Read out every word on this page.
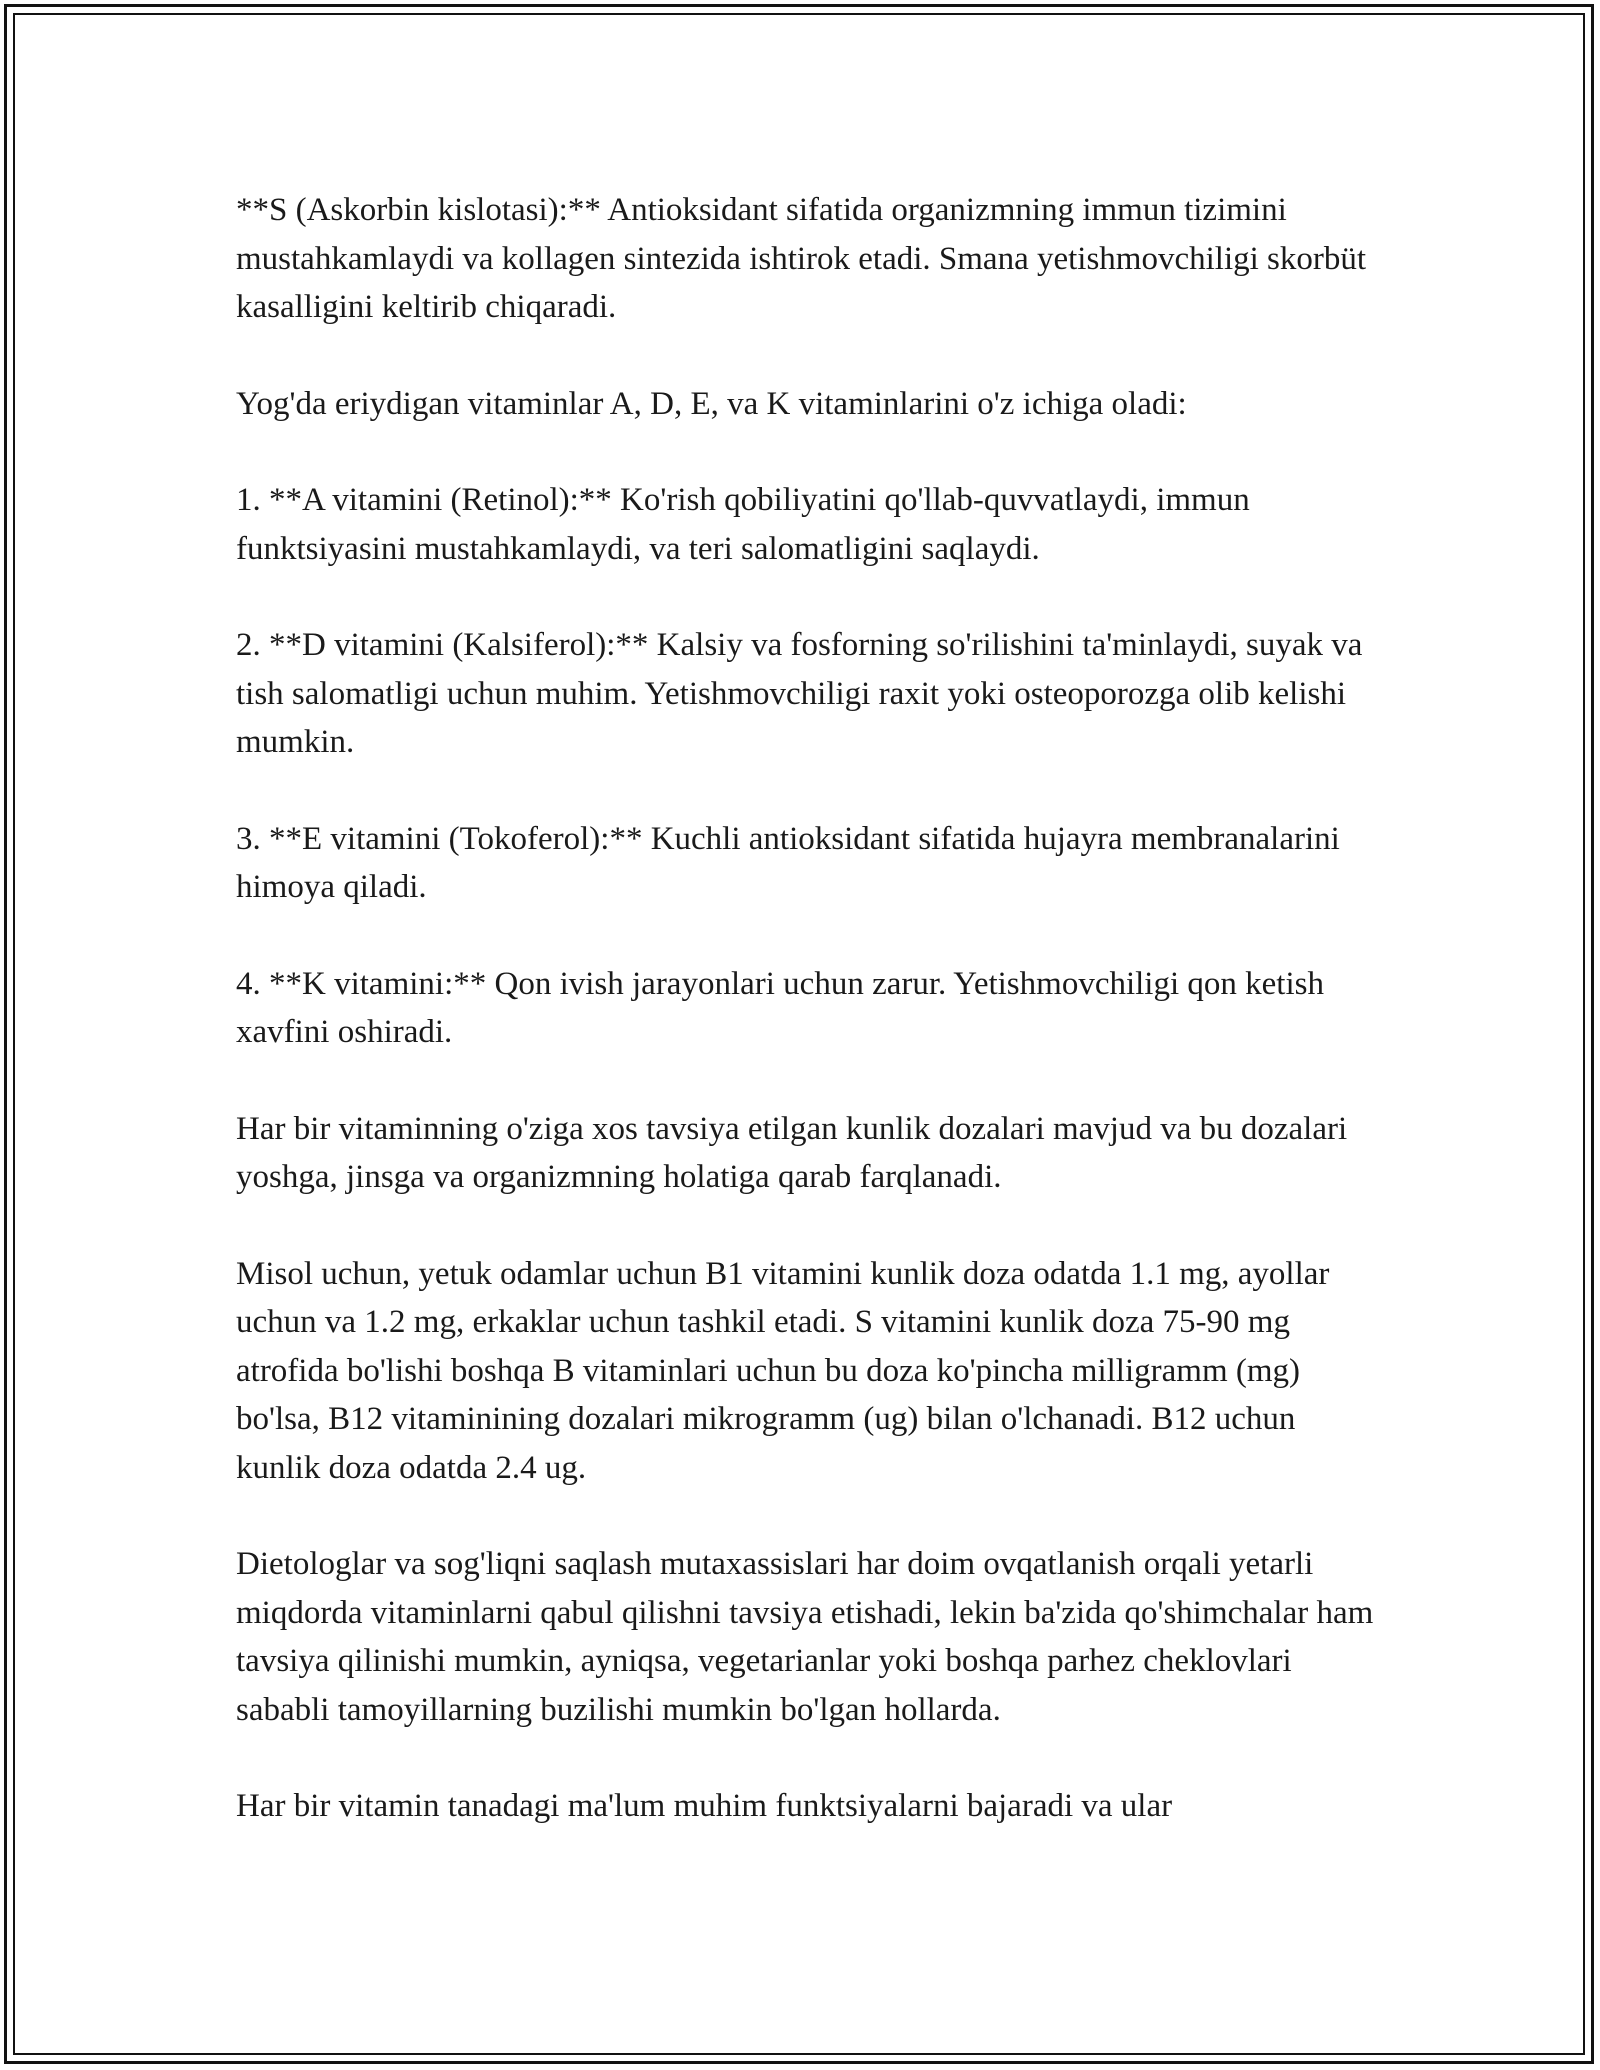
**S (Askorbin kislotasi):** Antioksidant sifatida organizmning immun tizimini mustahkamlaydi va kollagen sintezida ishtirok etadi. Smana yetishmovchiligi skorbüt kasalligini keltirib chiqaradi.

Yog'da eriydigan vitaminlar A, D, E, va K vitaminlarini o'z ichiga oladi:

1. **A vitamini (Retinol):** Ko'rish qobiliyatini qo'llab-quvvatlaydi, immun funktsiyasini mustahkamlaydi, va teri salomatligini saqlaydi.

2. **D vitamini (Kalsiferol):** Kalsiy va fosforning so'rilishini ta'minlaydi, suyak va tish salomatligi uchun muhim. Yetishmovchiligi raxit yoki osteoporozga olib kelishi mumkin.

3. **E vitamini (Tokoferol):** Kuchli antioksidant sifatida hujayra membranalarini himoya qiladi.

4. **K vitamini:** Qon ivish jarayonlari uchun zarur. Yetishmovchiligi qon ketish xavfini oshiradi.

Har bir vitaminning o'ziga xos tavsiya etilgan kunlik dozalari mavjud va bu dozalari yoshga, jinsga va organizmning holatiga qarab farqlanadi.

Misol uchun, yetuk odamlar uchun B1 vitamini kunlik doza odatda 1.1 mg, ayollar uchun va 1.2 mg, erkaklar uchun tashkil etadi. S vitamini kunlik doza 75-90 mg atrofida bo'lishi boshqa B vitaminlari uchun bu doza ko'pincha milligramm (mg) bo'lsa, B12 vitaminining dozalari mikrogramm (ug) bilan o'lchanadi. B12 uchun kunlik doza odatda 2.4 ug.

Dietologlar va sog'liqni saqlash mutaxassislari har doim ovqatlanish orqali yetarli miqdorda vitaminlarni qabul qilishni tavsiya etishadi, lekin ba'zida qo'shimchalar ham tavsiya qilinishi mumkin, ayniqsa, vegetarianlar yoki boshqa parhez cheklovlari sababli tamoyillarning buzilishi mumkin bo'lgan hollarda.

Har bir vitamin tanadagi ma'lum muhim funktsiyalarni bajaradi va ular
